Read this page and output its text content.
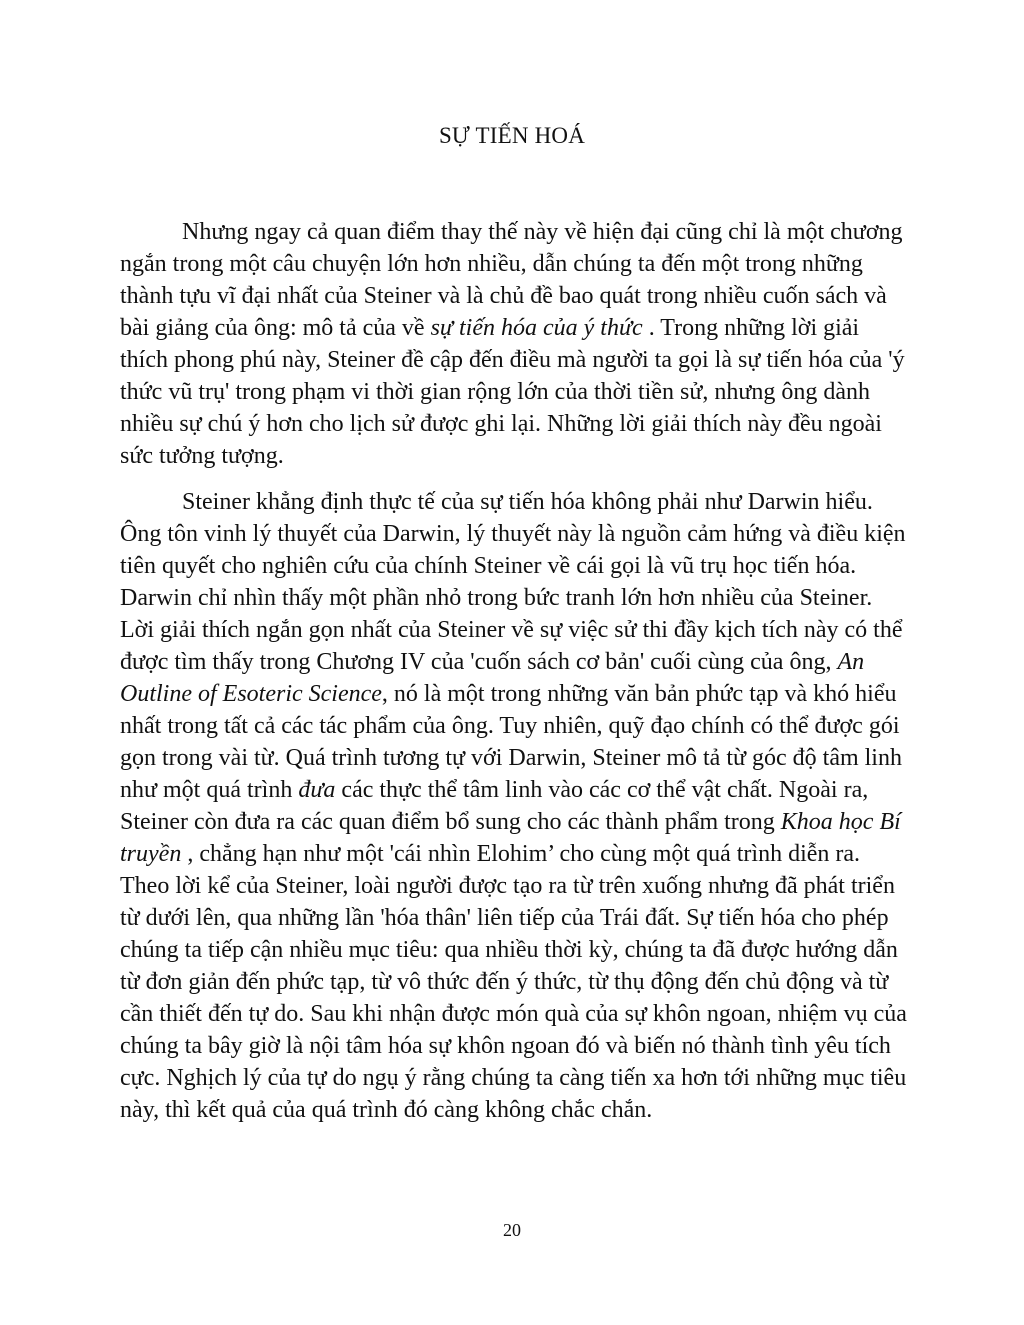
SỰ TIẾN HOÁ

Nhưng ngay cả quan điểm thay thế này về hiện đại cũng chỉ là một chương ngắn trong một câu chuyện lớn hơn nhiều, dẫn chúng ta đến một trong những thành tựu vĩ đại nhất của Steiner và là chủ đề bao quát trong nhiều cuốn sách và bài giảng của ông: mô tả của về sự tiến hóa của ý thức . Trong những lời giải thích phong phú này, Steiner đề cập đến điều mà người ta gọi là sự tiến hóa của 'ý thức vũ trụ' trong phạm vi thời gian rộng lớn của thời tiền sử, nhưng ông dành nhiều sự chú ý hơn cho lịch sử được ghi lại. Những lời giải thích này đều ngoài sức tưởng tượng.

Steiner khẳng định thực tế của sự tiến hóa không phải như Darwin hiểu. Ông tôn vinh lý thuyết của Darwin, lý thuyết này là nguồn cảm hứng và điều kiện tiên quyết cho nghiên cứu của chính Steiner về cái gọi là vũ trụ học tiến hóa. Darwin chỉ nhìn thấy một phần nhỏ trong bức tranh lớn hơn nhiều của Steiner. Lời giải thích ngắn gọn nhất của Steiner về sự việc sử thi đầy kịch tích này có thể được tìm thấy trong Chương IV của 'cuốn sách cơ bản' cuối cùng của ông, An Outline of Esoteric Science, nó là một trong những văn bản phức tạp và khó hiểu nhất trong tất cả các tác phẩm của ông. Tuy nhiên, quỹ đạo chính có thể được gói gọn trong vài từ. Quá trình tương tự với Darwin, Steiner mô tả từ góc độ tâm linh như một quá trình đưa các thực thể tâm linh vào các cơ thể vật chất. Ngoài ra, Steiner còn đưa ra các quan điểm bổ sung cho các thành phẩm trong Khoa học Bí truyền , chẳng hạn như một 'cái nhìn Elohim’ cho cùng một quá trình diễn ra. Theo lời kể của Steiner, loài người được tạo ra từ trên xuống nhưng đã phát triển từ dưới lên, qua những lần 'hóa thân' liên tiếp của Trái đất. Sự tiến hóa cho phép chúng ta tiếp cận nhiều mục tiêu: qua nhiều thời kỳ, chúng ta đã được hướng dẫn từ đơn giản đến phức tạp, từ vô thức đến ý thức, từ thụ động đến chủ động và từ cần thiết đến tự do. Sau khi nhận được món quà của sự khôn ngoan, nhiệm vụ của chúng ta bây giờ là nội tâm hóa sự khôn ngoan đó và biến nó thành tình yêu tích cực. Nghịch lý của tự do ngụ ý rằng chúng ta càng tiến xa hơn tới những mục tiêu này, thì kết quả của quá trình đó càng không chắc chắn.

20
